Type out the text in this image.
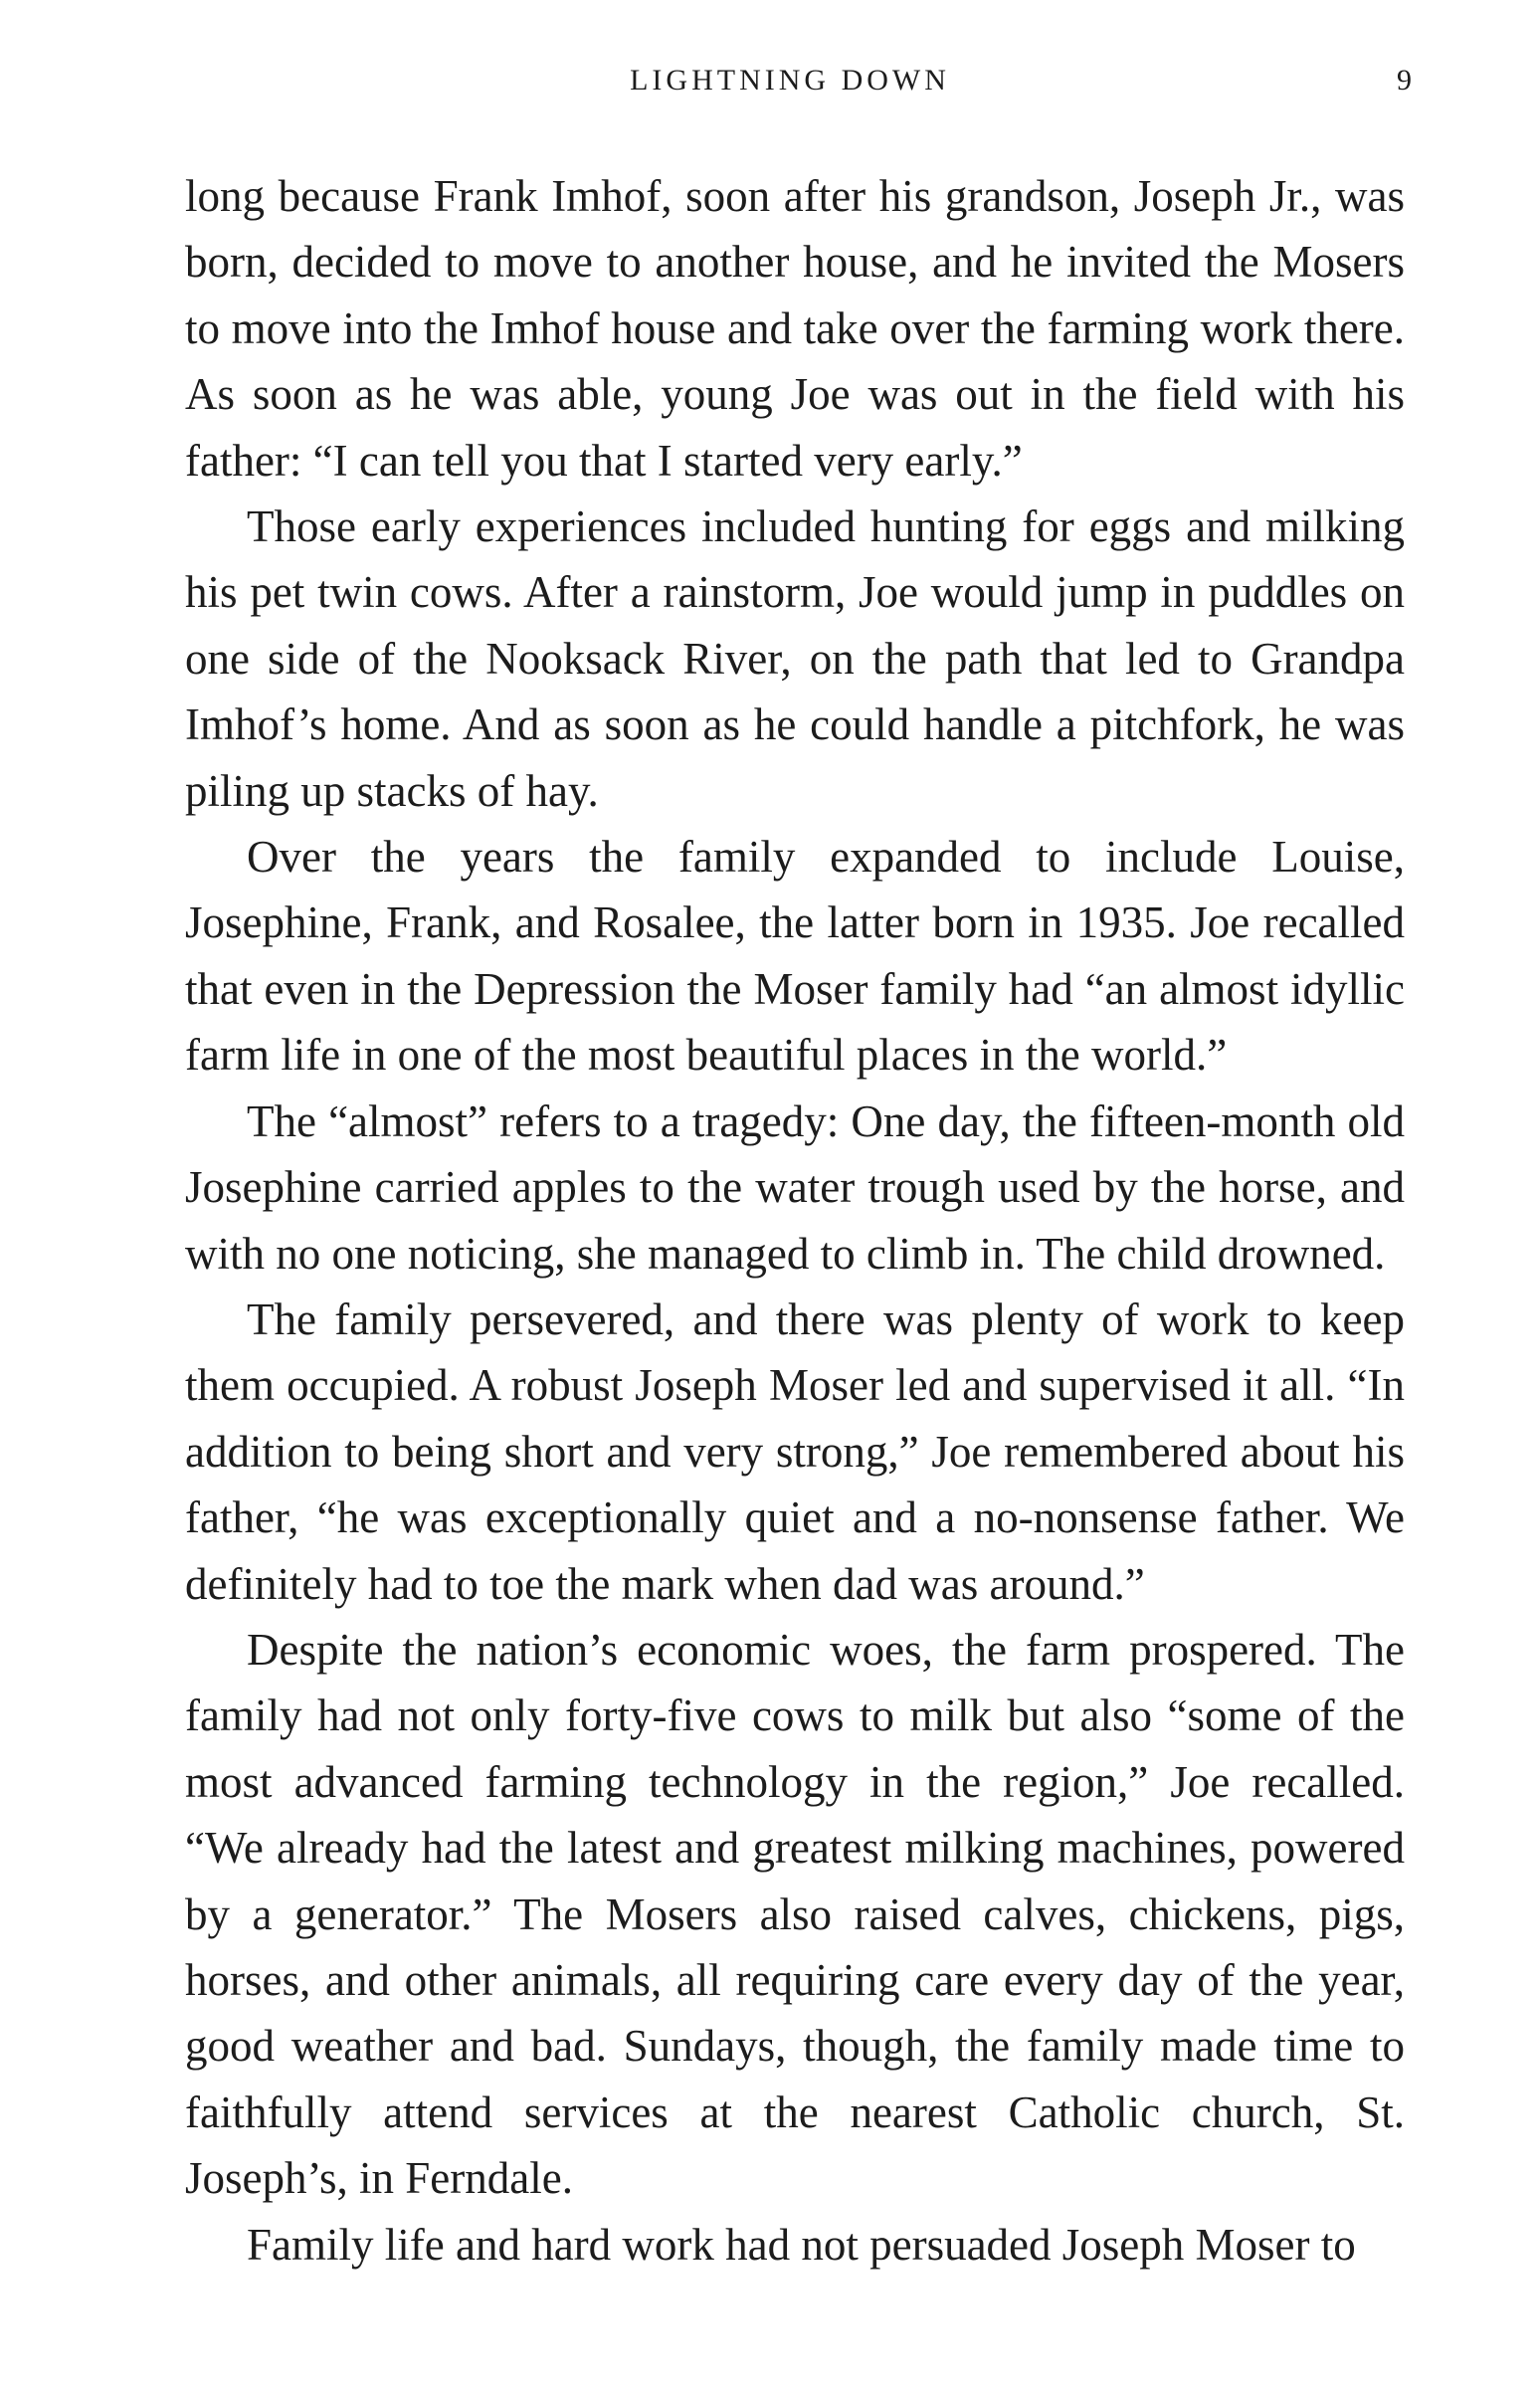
LIGHTNING DOWN	9

long because Frank Imhof, soon after his grandson, Joseph Jr., was born, decided to move to another house, and he invited the Mosers to move into the Imhof house and take over the farming work there. As soon as he was able, young Joe was out in the field with his father: “I can tell you that I started very early.”

Those early experiences included hunting for eggs and milking his pet twin cows. After a rainstorm, Joe would jump in puddles on one side of the Nooksack River, on the path that led to Grandpa Imhof’s home. And as soon as he could handle a pitchfork, he was piling up stacks of hay.

Over the years the family expanded to include Louise, Josephine, Frank, and Rosalee, the latter born in 1935. Joe recalled that even in the Depression the Moser family had “an almost idyllic farm life in one of the most beautiful places in the world.”

The “almost” refers to a tragedy: One day, the fifteen-month old Josephine carried apples to the water trough used by the horse, and with no one noticing, she managed to climb in. The child drowned.

The family persevered, and there was plenty of work to keep them occupied. A robust Joseph Moser led and supervised it all. “In addition to being short and very strong,” Joe remembered about his father, “he was exceptionally quiet and a no-nonsense father. We definitely had to toe the mark when dad was around.”

Despite the nation’s economic woes, the farm prospered. The family had not only forty-five cows to milk but also “some of the most advanced farming technology in the region,” Joe recalled. “We already had the latest and greatest milking machines, powered by a generator.” The Mosers also raised calves, chickens, pigs, horses, and other animals, all requiring care every day of the year, good weather and bad. Sundays, though, the family made time to faithfully attend services at the nearest Catholic church, St. Joseph’s, in Ferndale.

Family life and hard work had not persuaded Joseph Moser to
